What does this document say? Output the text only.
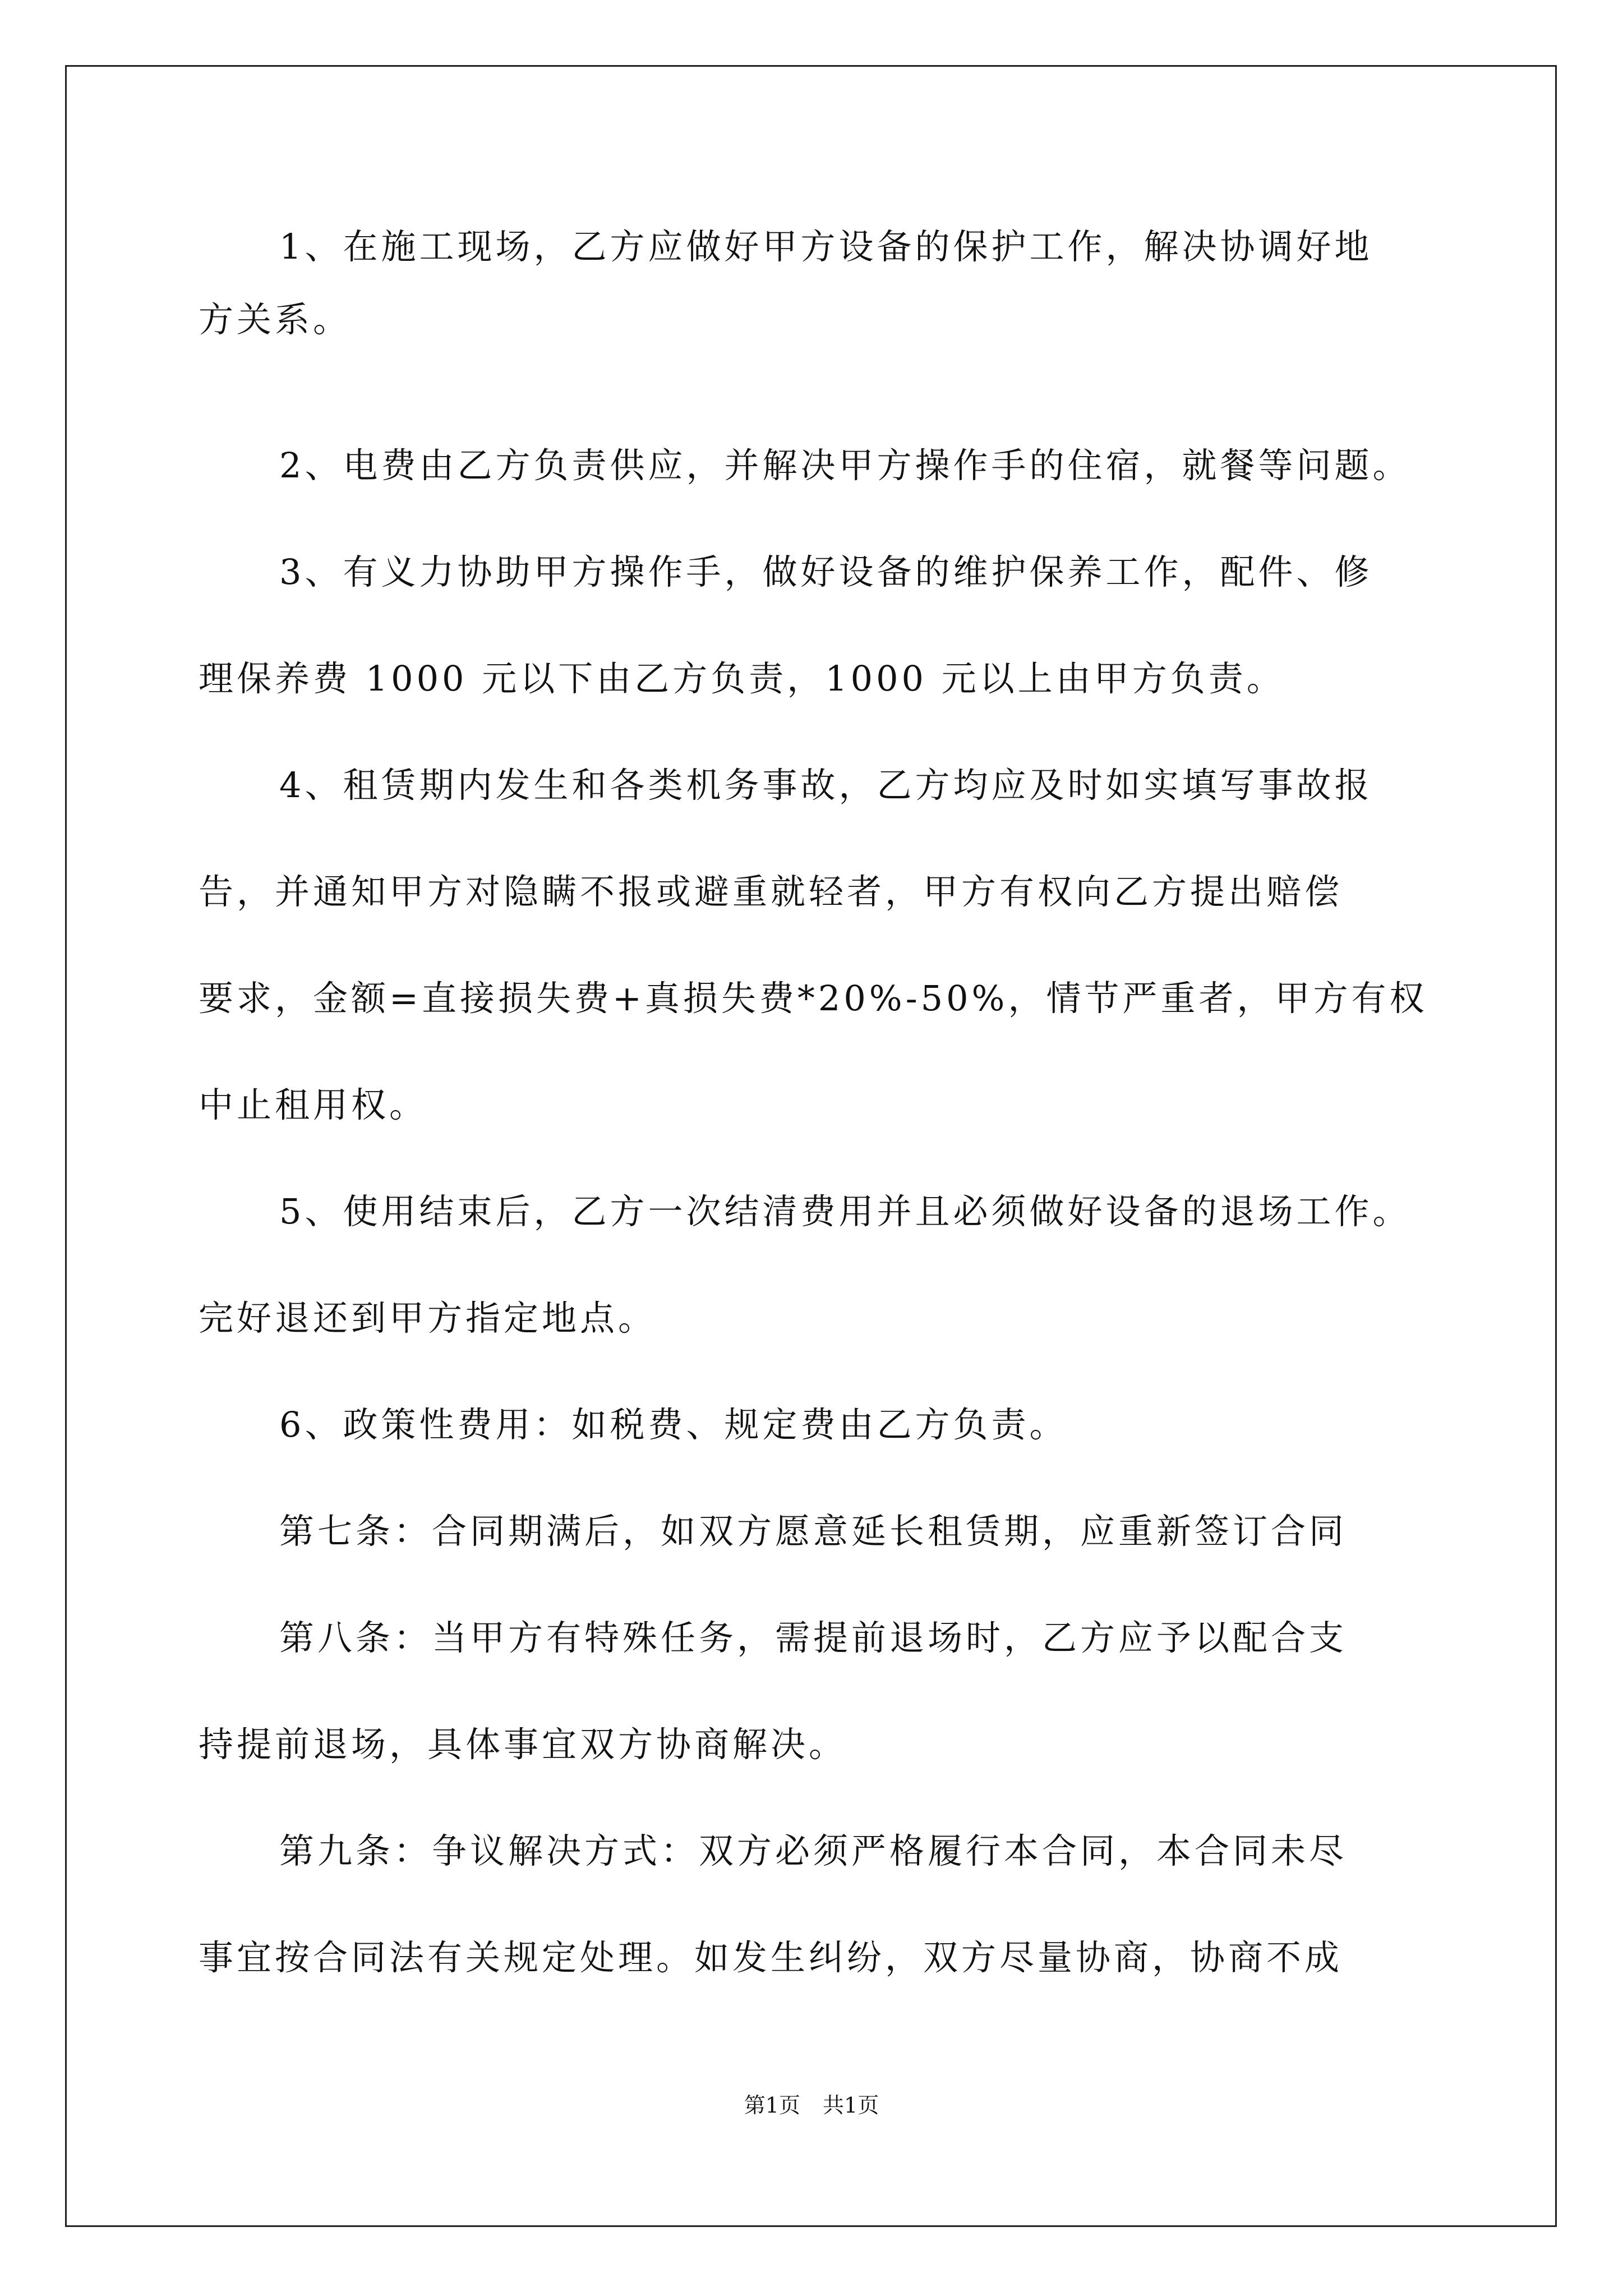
1、在施工现场，乙方应做好甲方设备的保护工作，解决协调好地
方关系。
2、电费由乙方负责供应，并解决甲方操作手的住宿，就餐等问题。
3、有义力协助甲方操作手，做好设备的维护保养工作，配件、修
理保养费 1000 元以下由乙方负责，1000 元以上由甲方负责。
4、租赁期内发生和各类机务事故，乙方均应及时如实填写事故报
告，并通知甲方对隐瞒不报或避重就轻者，甲方有权向乙方提出赔偿
要求，金额=直接损失费+真损失费*20%-50%，情节严重者，甲方有权
中止租用权。
5、使用结束后，乙方一次结清费用并且必须做好设备的退场工作。
完好退还到甲方指定地点。
6、政策性费用：如税费、规定费由乙方负责。
第七条：合同期满后，如双方愿意延长租赁期，应重新签订合同
第八条：当甲方有特殊任务，需提前退场时，乙方应予以配合支
持提前退场，具体事宜双方协商解决。
第九条：争议解决方式：双方必须严格履行本合同，本合同未尽
事宜按合同法有关规定处理。如发生纠纷，双方尽量协商，协商不成
第1页 共1页
